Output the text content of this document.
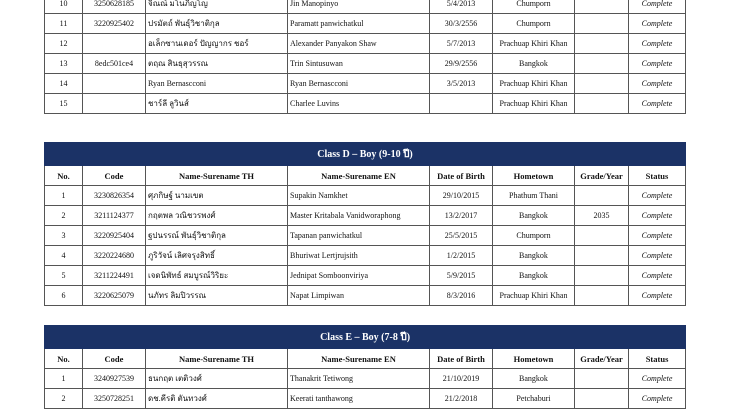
10	3250628185	จิณณ์ มโนภิญโญ	Jin Manopinyo	5/4/2013	Chumporn		Complete
11	3220925402	ปรมัตถ์ พันธุ์วิชาติกุล	Paramatt panwichatkul	30/3/2556	Chumporn		Complete
12		อเล็กซานเดอร์ ปัญญากร ชอร์	Alexander Panyakon Shaw	5/7/2013	Prachuap Khiri Khan		Complete
13	8edc501ce4	ตฤณ สินธุสุวรรณ	Trin Sintusuwan	29/9/2556	Bangkok		Complete
14		Ryan Bernascconi	Ryan Bernascconi	3/5/2013	Prachuap Khiri Khan		Complete
15		ชาร์ลี ลูวินส์	Charlee Luvins		Prachuap Khiri Khan		Complete
Class D – Boy (9-10 ปี)							
No.	Code	Name-Surename TH	Name-Surename EN	Date of Birth	Hometown	Grade/Year	Status
1	3230826354	ศุภกิษฐ์ นามเขต	Supakin Namkhet	29/10/2015	Phathum Thani		Complete
2	3211124377	กฤตพล วณิชวรพงศ์	Master Kritabala Vanidworaphong	13/2/2017	Bangkok	2035	Complete
3	3220925404	ฐปนรรณ์ พันธุ์วิชาติกุล	Tapanan panwichatkul	25/5/2015	Chumporn		Complete
4	3220224680	ภูริวัจน์ เลิศจรุงสิทธิ์	Bhuriwat Lertjrujsith	1/2/2015	Bangkok		Complete
5	3211224491	เจดนิพัทธ์ สมบูรณ์วิริยะ	Jednipat Somboonviriya	5/9/2015	Bangkok		Complete
6	3220625079	นภัทร ลิมปิวรรณ	Napat Limpiwan	8/3/2016	Prachuap Khiri Khan		Complete
Class E – Boy (7-8 ปี)							
No.	Code	Name-Surename TH	Name-Surename EN	Date of Birth	Hometown	Grade/Year	Status
1	3240927539	ธนกฤต เตติวงศ์	Thanakrit Tetiwong	21/10/2019	Bangkok		Complete
2	3250728251	ดช.คีรติ ตันทวงศ์	Keerati tanthawong	21/2/2018	Petchaburi		Complete
